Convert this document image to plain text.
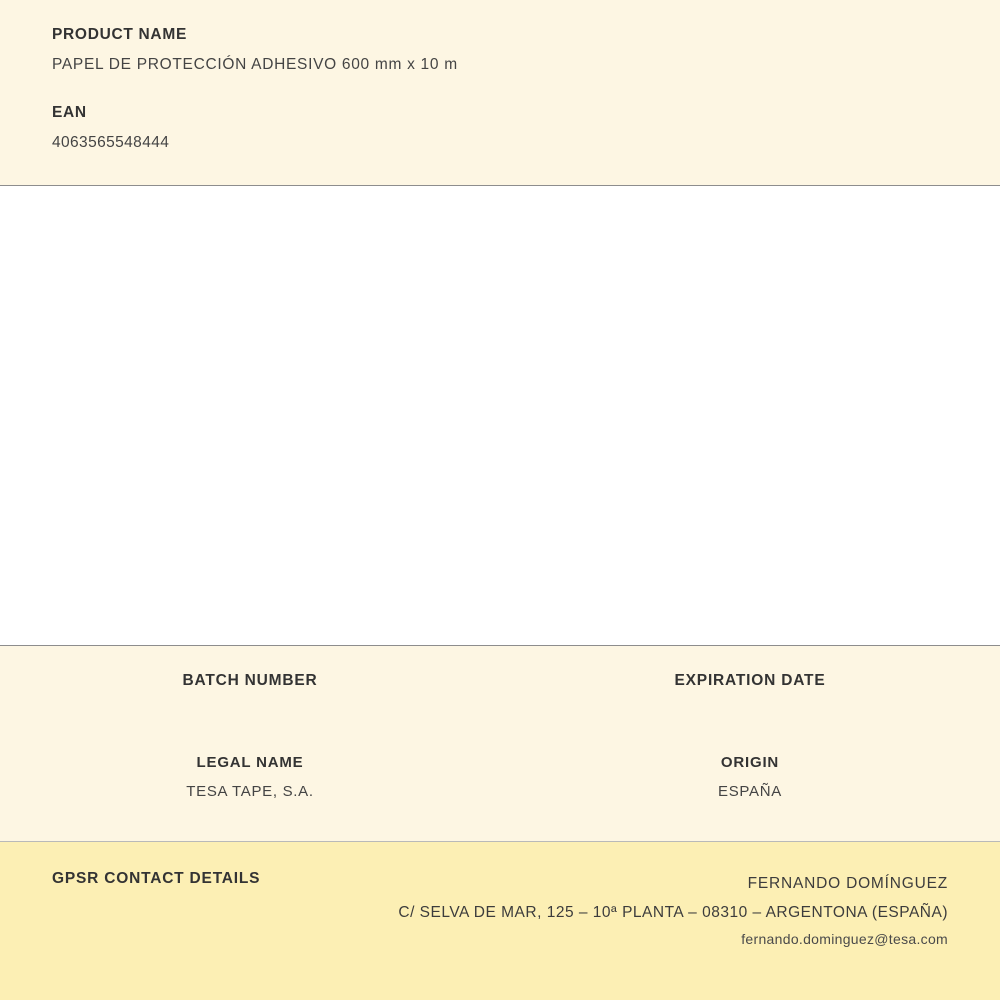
PRODUCT NAME

PAPEL DE PROTECCIÓN ADHESIVO 600 mm x 10 m

EAN

4063565548444

BATCH NUMBER	EXPIRATION DATE

LEGAL NAME

TESA TAPE, S.A.

ORIGIN

ESPAÑA

GPSR CONTACT DETAILS	FERNANDO DOMÍNGUEZ
C/ SELVA DE MAR, 125 – 10ª PLANTA – 08310 – ARGENTONA (ESPAÑA)
fernando.dominguez@tesa.com
